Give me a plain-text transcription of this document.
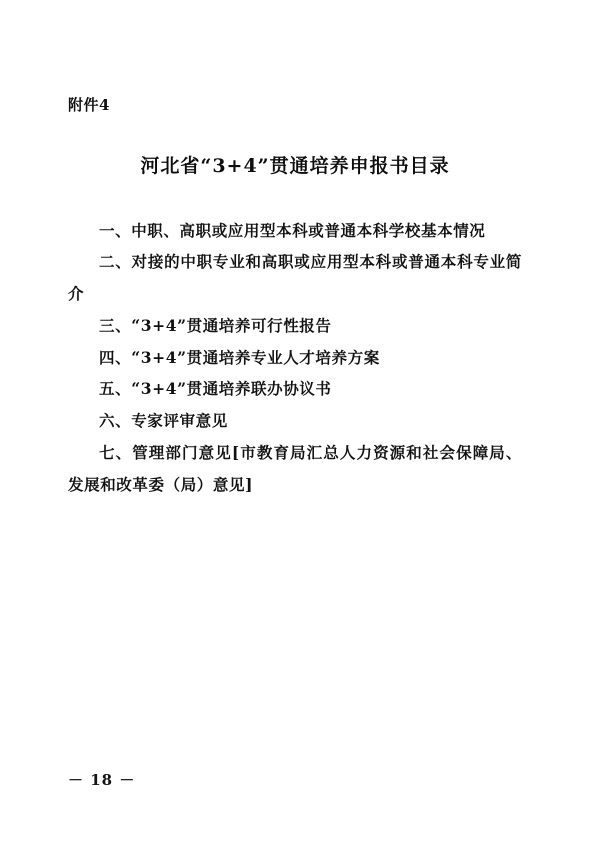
附件4
河北省“3+4”贯通培养申报书目录
一、中职、高职或应用型本科或普通本科学校基本情况
二、对接的中职专业和高职或应用型本科或普通本科专业简介
三、“3+4”贯通培养可行性报告
四、“3+4”贯通培养专业人才培养方案
五、“3+4”贯通培养联办协议书
六、专家评审意见
七、管理部门意见[市教育局汇总人力资源和社会保障局、发展和改革委（局）意见]
－ 18 －
